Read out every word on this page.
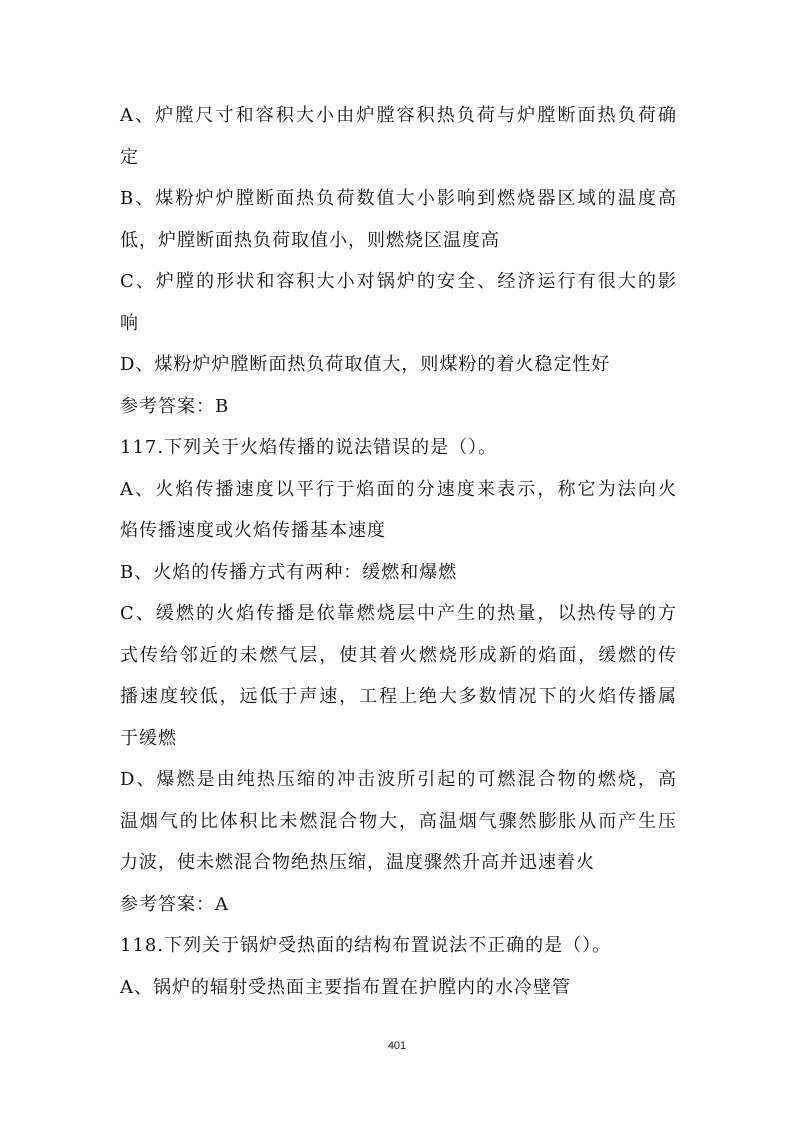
A、炉膛尺寸和容积大小由炉膛容积热负荷与炉膛断面热负荷确
定
B、煤粉炉炉膛断面热负荷数值大小影响到燃烧器区域的温度高
低，炉膛断面热负荷取值小，则燃烧区温度高
C、炉膛的形状和容积大小对锅炉的安全、经济运行有很大的影
响
D、煤粉炉炉膛断面热负荷取值大，则煤粉的着火稳定性好
参考答案：B
117.下列关于火焰传播的说法错误的是（）。
A、火焰传播速度以平行于焰面的分速度来表示，称它为法向火
焰传播速度或火焰传播基本速度
B、火焰的传播方式有两种：缓燃和爆燃
C、缓燃的火焰传播是依靠燃烧层中产生的热量，以热传导的方
式传给邻近的未燃气层，使其着火燃烧形成新的焰面，缓燃的传
播速度较低，远低于声速，工程上绝大多数情况下的火焰传播属
于缓燃
D、爆燃是由纯热压缩的冲击波所引起的可燃混合物的燃烧，高
温烟气的比体积比未燃混合物大，高温烟气骤然膨胀从而产生压
力波，使未燃混合物绝热压缩，温度骤然升高并迅速着火
参考答案：A
118.下列关于锅炉受热面的结构布置说法不正确的是（）。
A、锅炉的辐射受热面主要指布置在护膛内的水冷壁管
401
